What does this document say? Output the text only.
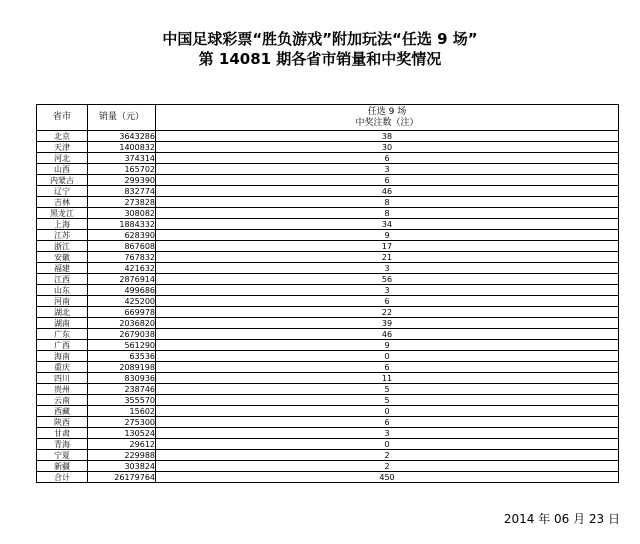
中国足球彩票“胜负游戏”附加玩法“任选 9 场”
第 14081 期各省市销量和中奖情况
省市	销量（元）	任选 9 场
中奖注数（注）

北京	3643286	38
天津	1400832	30
河北	374314	6
山西	165702	3
内蒙古	299390	6
辽宁	832774	46
吉林	273828	8
黑龙江	308082	8
上海	1884332	34
江苏	628390	9
浙江	867608	17
安徽	767832	21
福建	421632	3
江西	2876914	56
山东	499686	3
河南	425200	6
湖北	669978	22
湖南	2036820	39
广东	2679038	46
广西	561290	9
海南	63536	0
重庆	2089198	6
四川	830936	11
贵州	238746	5
云南	355570	5
西藏	15602	0
陕西	275300	6
甘肃	130524	3
青海	29612	0
宁夏	229988	2
新疆	303824	2
合计	26179764	450
2014 年 06 月 23 日
